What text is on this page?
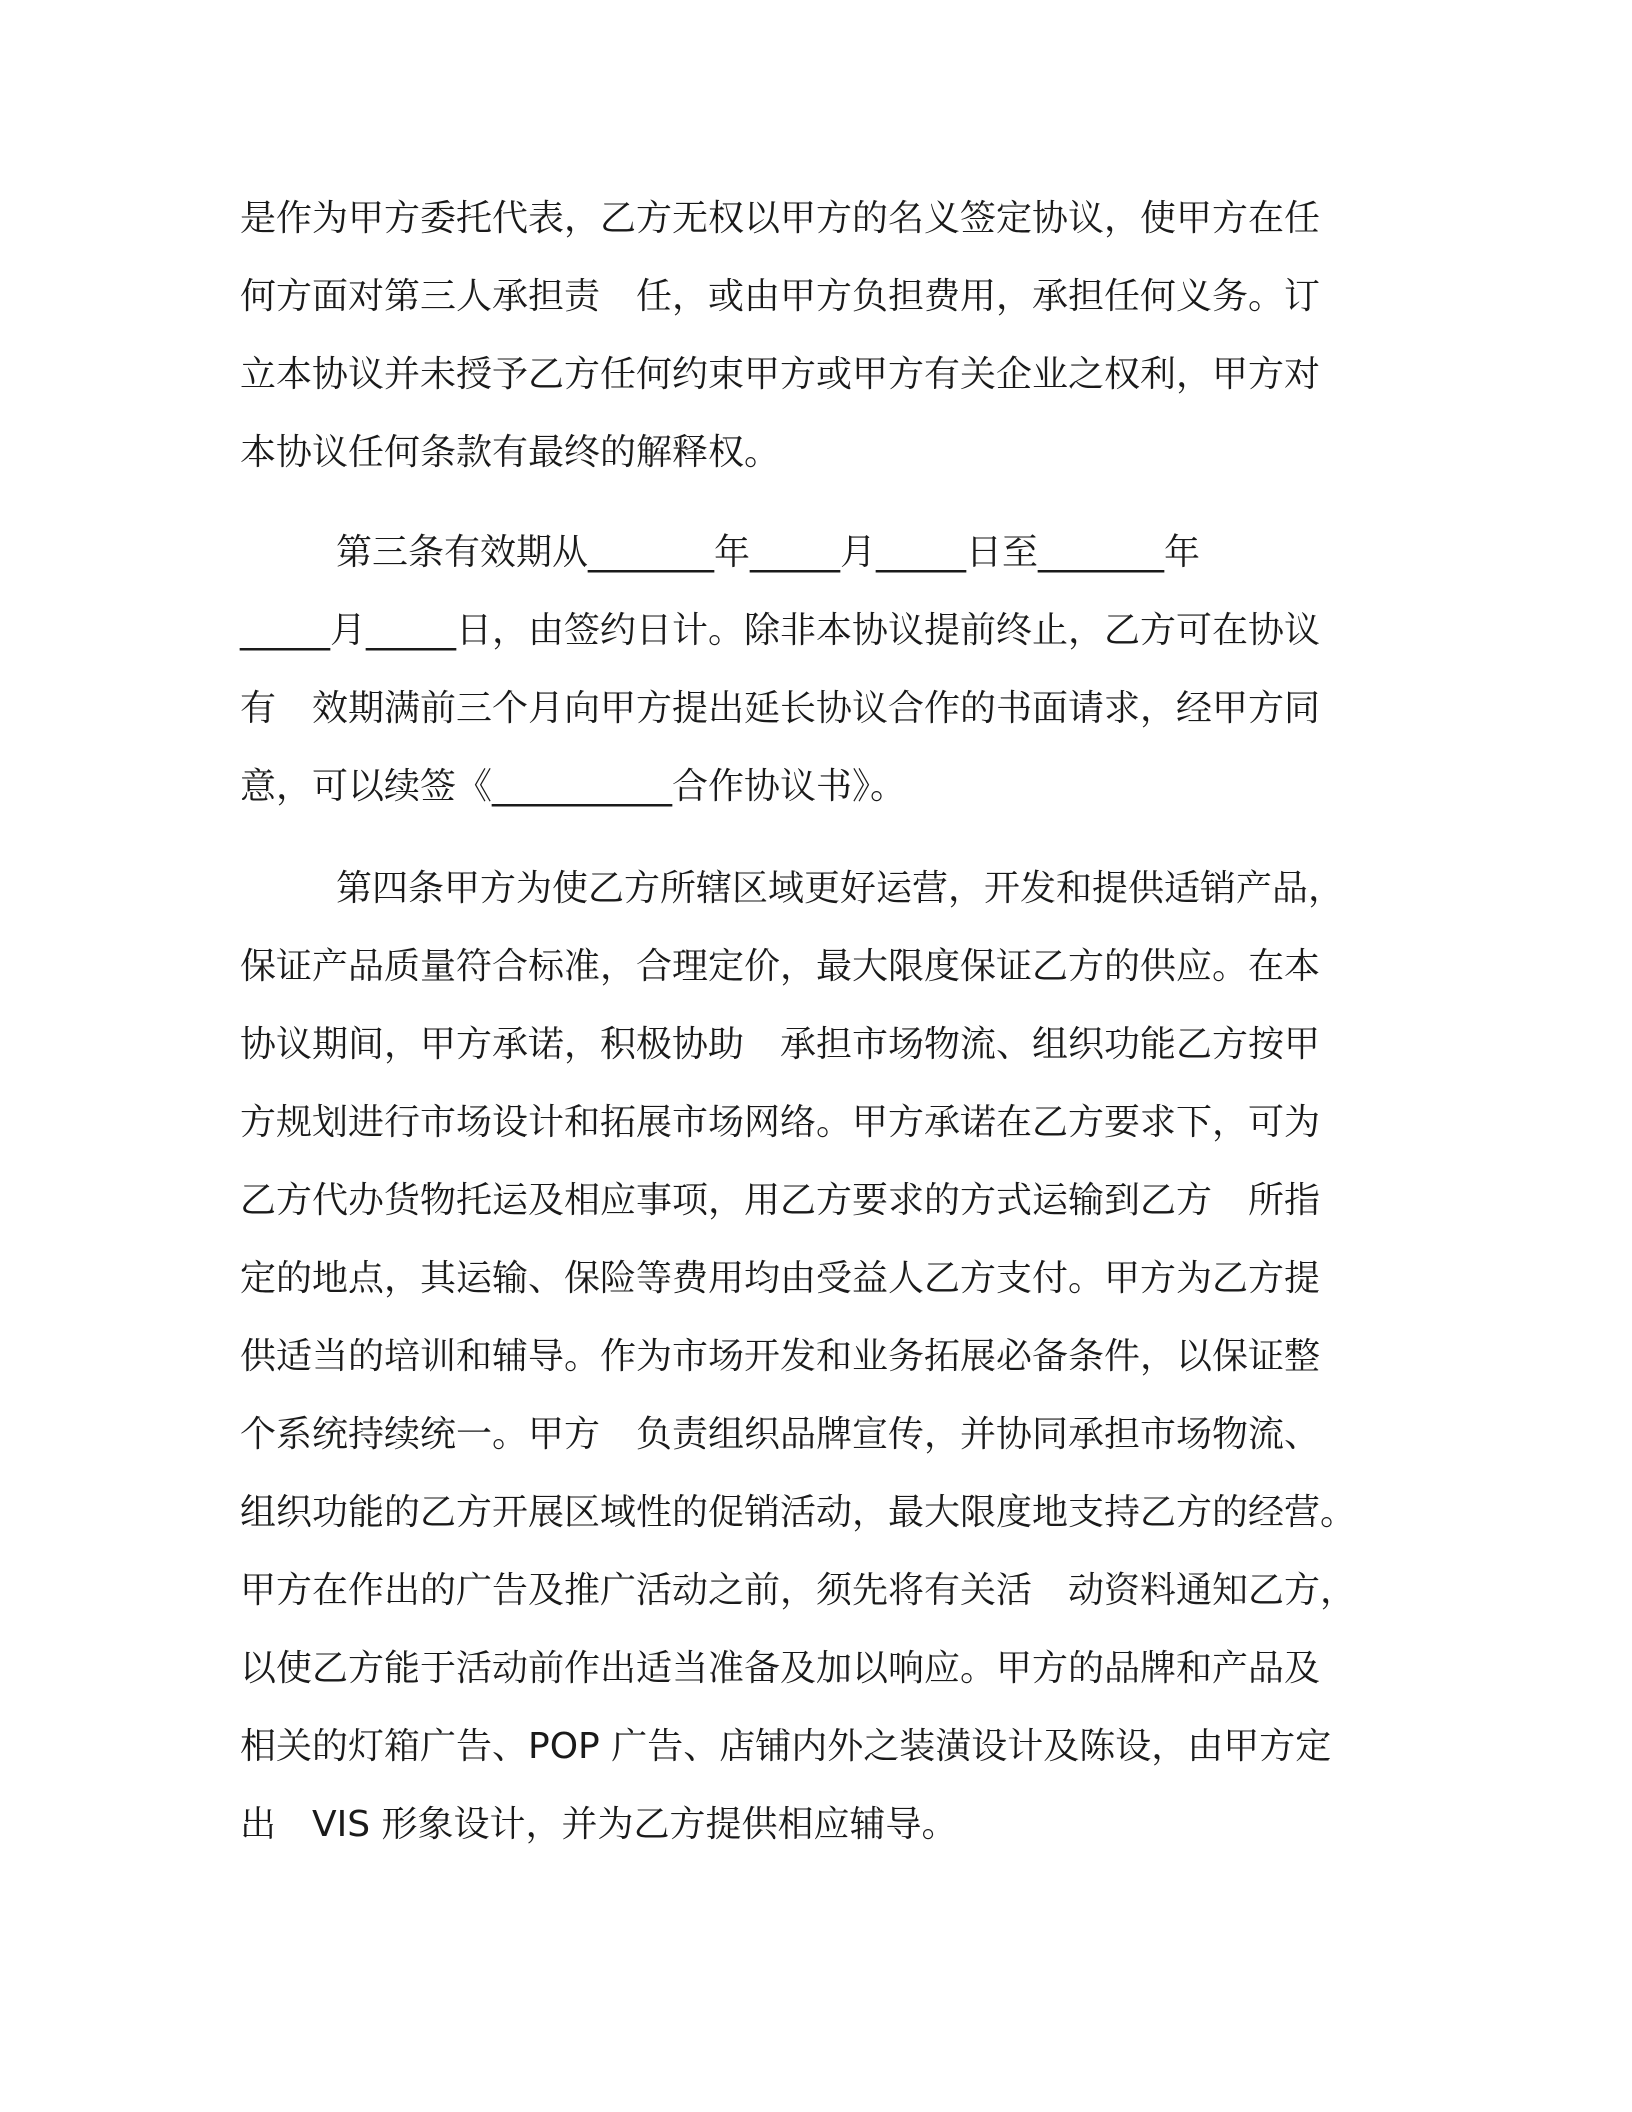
是作为甲方委托代表，乙方无权以甲方的名义签定协议，使甲方在任
何方面对第三人承担责　任，或由甲方负担费用，承担任何义务。订
立本协议并未授予乙方任何约束甲方或甲方有关企业之权利，甲方对
本协议任何条款有最终的解释权。
第三条有效期从_______年_____月_____日至_______年
_____月_____日，由签约日计。除非本协议提前终止，乙方可在协议
有　效期满前三个月向甲方提出延长协议合作的书面请求，经甲方同
意，可以续签《__________合作协议书》。
第四条甲方为使乙方所辖区域更好运营，开发和提供适销产品，
保证产品质量符合标准，合理定价，最大限度保证乙方的供应。在本
协议期间，甲方承诺，积极协助　承担市场物流、组织功能乙方按甲
方规划进行市场设计和拓展市场网络。甲方承诺在乙方要求下，可为
乙方代办货物托运及相应事项，用乙方要求的方式运输到乙方　所指
定的地点，其运输、保险等费用均由受益人乙方支付。甲方为乙方提
供适当的培训和辅导。作为市场开发和业务拓展必备条件，以保证整
个系统持续统一。甲方　负责组织品牌宣传，并协同承担市场物流、
组织功能的乙方开展区域性的促销活动，最大限度地支持乙方的经营。
甲方在作出的广告及推广活动之前，须先将有关活　动资料通知乙方，
以使乙方能于活动前作出适当准备及加以响应。甲方的品牌和产品及
相关的灯箱广告、POP 广告、店铺内外之装潢设计及陈设，由甲方定
出　VIS 形象设计，并为乙方提供相应辅导。
